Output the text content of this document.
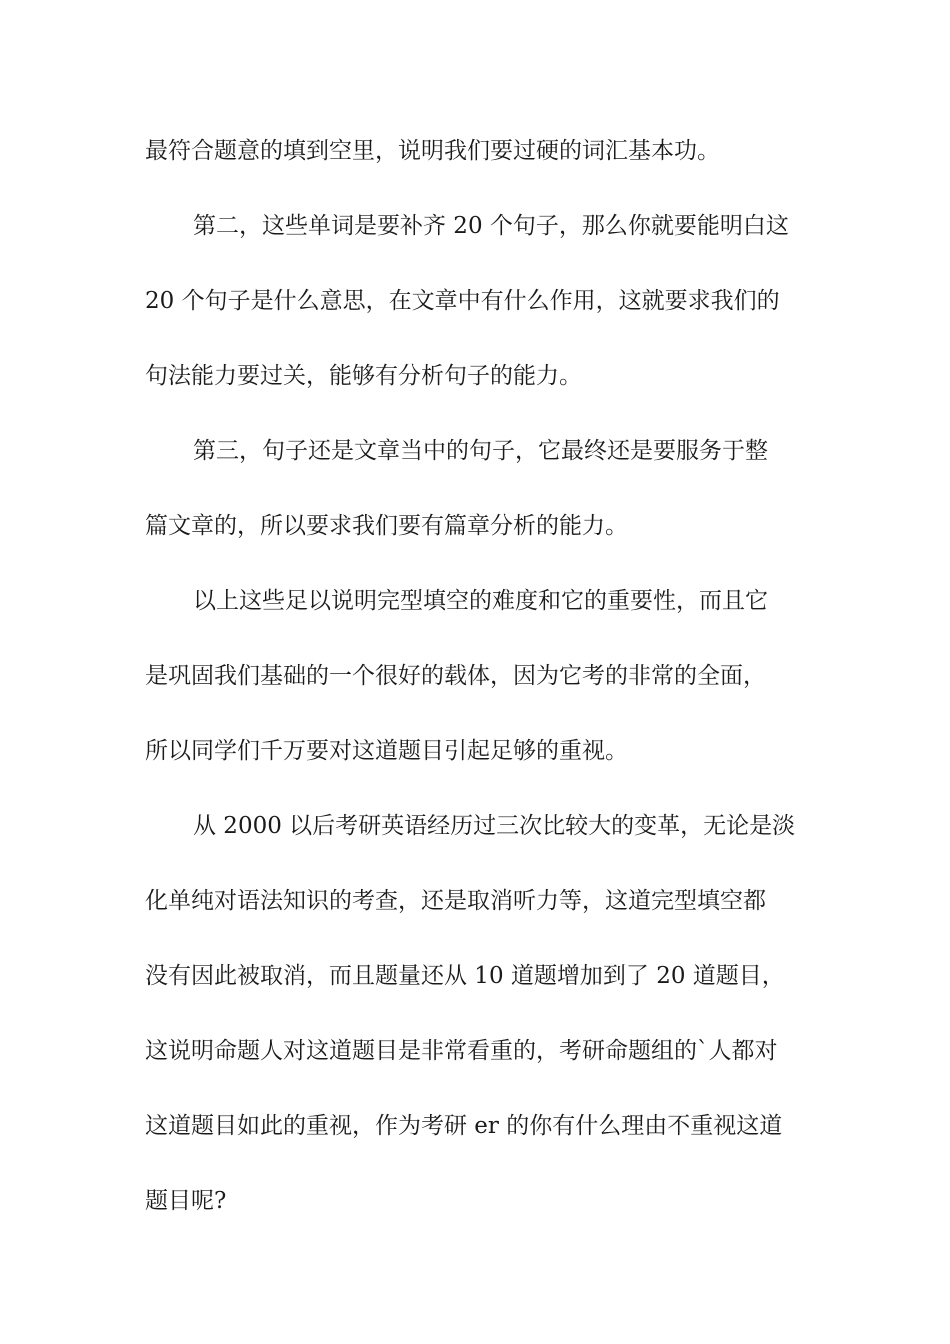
最符合题意的填到空里，说明我们要过硬的词汇基本功。
第二，这些单词是要补齐 20 个句子，那么你就要能明白这
20 个句子是什么意思，在文章中有什么作用，这就要求我们的
句法能力要过关，能够有分析句子的能力。
第三，句子还是文章当中的句子，它最终还是要服务于整
篇文章的，所以要求我们要有篇章分析的能力。
以上这些足以说明完型填空的难度和它的重要性，而且它
是巩固我们基础的一个很好的载体，因为它考的非常的全面，
所以同学们千万要对这道题目引起足够的重视。
从 2000 以后考研英语经历过三次比较大的变革，无论是淡
化单纯对语法知识的考查，还是取消听力等，这道完型填空都
没有因此被取消，而且题量还从 10 道题增加到了 20 道题目，
这说明命题人对这道题目是非常看重的，考研命题组的`人都对
这道题目如此的重视，作为考研 er 的你有什么理由不重视这道
题目呢?
